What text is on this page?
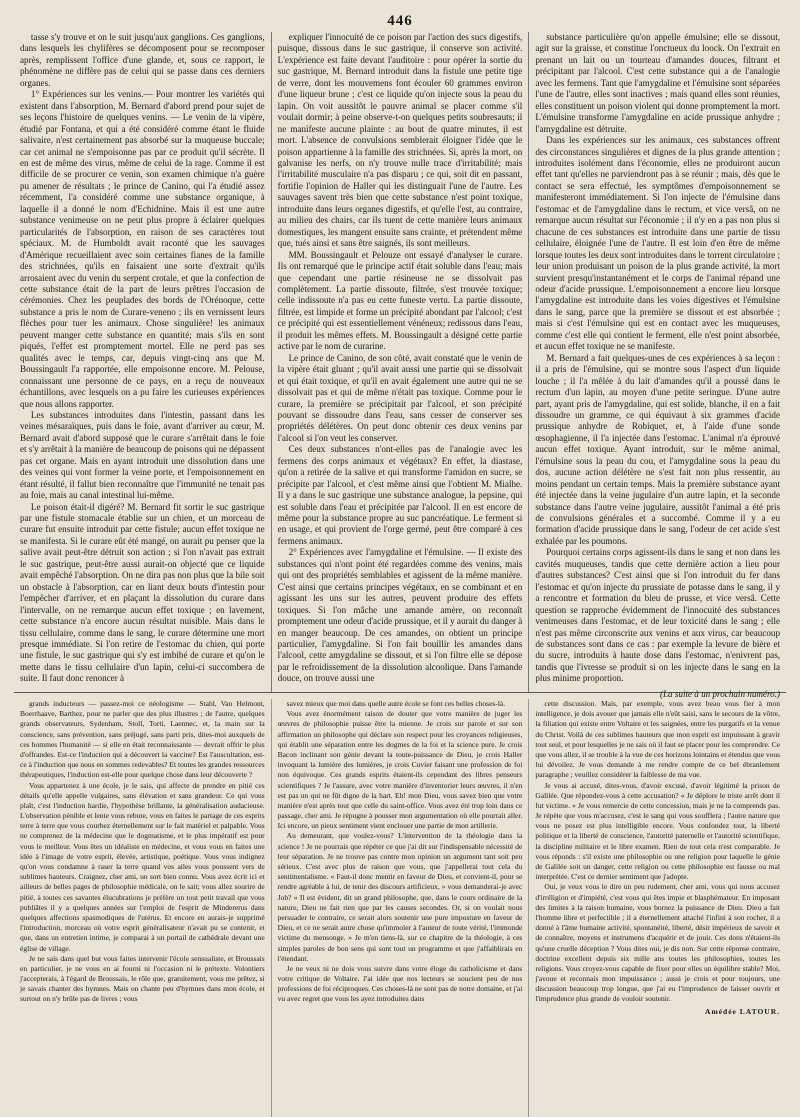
446

tasse s'y trouve et on le suit jusqu'aux ganglions. Ces ganglions, dans lesquels les chylifères se décomposent pour se recomposer après, remplissent l'office d'une glande, et, sous ce rapport, le phénomène ne diffère pas de celui qui se passe dans ces derniers organes.

1° Expériences sur les venins.— Pour montrer les variétés qui existent dans l'absorption, M. Bernard d'abord prend pour sujet de ses leçons l'histoire de quelques venins. — Le venin de la vipère, étudié par Fontana, et qui a été considéré comme étant le fluide salivaire, n'est certainement pas absorbé sur la muqueuse buccale; car cet animal ne s'empoisonne pas par ce produit qu'il sécrète. Il en est de même des virus, même de celui de la rage. Comme il est difficile de se procurer ce venin, son examen chimique n'a guère pu amener de résultats ; le prince de Canino, qui l'a étudié assez récemment, l'a considéré comme une substance organique, à laquelle il a donné le nom d'Echidnine. Mais il est une autre substance venimeuse on ne peut plus propre à éclairer quelques particularités de l'absorption, en raison de ses caractères tout spéciaux. M. de Humboldt avait raconté que les sauvages d'Amérique recueillaient avec soin certaines fianes de la famille des strichnées, qu'ils en faisaient une sorte d'extrait qu'ils arrosaient avec du venin du serpent crotale, et que la confection de cette substance était de la part de leurs prêtres l'occasion de cérémonies. Chez les peuplades des bords de l'Orénoque, cette substance a pris le nom de Curare-veneno ; ils en vernissent leurs flèches pour tuer les animaux. Chose singulière! les animaux peuvent manger cette substance en quantité; mais s'ils en sont piqués, l'effet est promptement mortel. Elle ne perd pas ses qualités avec le temps, car, depuis vingt-cinq ans que M. Boussingault l'a rapportée, elle empoisonne encore. M. Pelouse, connaissant une personne de ce pays, en a reçu de nouveaux échantillons, avec lesquels on a pu faire les curieuses expériences que nous allons rapporter.

Les substances introduites dans l'intestin, passant dans les veines mésaraïques, puis dans le foie, avant d'arriver au cœur, M. Bernard avait d'abord supposé que le curare s'arrêtait dans le foie et s'y arrêtait à la manière de beaucoup de poisons qui ne dépassent pas cet organe. Mais en ayant introduit une dissolution dans une des veines qui vont former la veine porte, et l'empoisonnement en étant résulté, il fallut bien reconnaître que l'immunité ne tenait pas au foie, mais au canal intestinal lui-même.

Le poison était-il digéré? M. Bernard fit sortir le suc gastrique par une fistule stomacale établie sur un chien, et un morceau de curare fut ensuite introduit par cette fistule; aucun effet toxique ne se manifesta. Si le curare eût été mangé, on aurait pu penser que la salive avait peut-être détruit son action ; si l'on n'avait pas extrait le suc gastrique, peut-être aussi aurait-on objecté que ce liquide avait empêché l'absorption. On ne dira pas non plus que la bile soit un obstacle à l'absorption, car en liant deux bouts d'intestin pour l'empêcher d'arriver, et en plaçant la dissolution du curare dans l'intervalle, on ne remarque aucun effet toxique ; en lavement, cette substance n'a encore aucun résultat nuisible. Mais dans le tissu cellulaire, comme dans le sang, le curare détermine une mort presque immédiate. Si l'on retire de l'estomac du chien, qui porte une fistule, le suc gastrique qui s'y est imbibé de curare et qu'on le mette dans le tissu cellulaire d'un lapin, celui-ci succombera de suite. Il faut donc renoncer à

expliquer l'innocuité de ce poison par l'action des sucs digestifs, puisque, dissous dans le suc gastrique, il conserve son activité. L'expérience est faite devant l'auditoire : pour opérer la sortie du suc gastrique, M. Bernard introduit dans la fistule une petite tige de verre, dont les mouvemens font écouler 60 grammes environ d'une liqueur brune ; c'est ce liquide qu'on injecte sous la peau du lapin. On voit aussitôt le pauvre animal se placer comme s'il voulait dormir; à peine observe-t-on quelques petits soubresauts; il ne manifeste aucune plainte : au bout de quatre minutes, il est mort. L'absence de convulsions semblerait éloigner l'idée que le poison appartienne à la famille des strichnées. Si, après la mort, on galvanise les nerfs, on n'y trouve nulle trace d'irritabilité; mais l'irritabilité musculaire n'a pas disparu ; ce qui, soit dit en passant, fortifie l'opinion de Haller qui les distinguait l'une de l'autre. Les sauvages savent très bien que cette substance n'est point toxique, introduite dans leurs organes digestifs, et qu'elle l'est, au contraire, au milieu des chairs, car ils tuent de cette manière leurs animaux domestiques, les mangent ensuite sans crainte, et prétendent même que, tués ainsi et sans être saignés, ils sont meilleurs.

MM. Boussingault et Pelouze ont essayé d'analyser le curare. Ils ont remarqué que le principe actif était soluble dans l'eau; mais que cependant une partie résineuse ne se dissolvait pas complètement. La partie dissoute, filtrée, s'est trouvée toxique; celle indissoute n'a pas eu cette funeste vertu. La partie dissoute, filtrée, est limpide et forme un précipité abondant par l'alcool; c'est ce précipité qui est essentiellement vénéneux; redissous dans l'eau, il produit les mêmes effets. M. Boussingault a désigné cette partie active par le nom de curarine.

Le prince de Canino, de son côté, avait constaté que le venin de la vipère était gluant ; qu'il avait aussi une partie qui se dissolvait et qui était toxique, et qu'il en avait également une autre qui ne se dissolvait pas et qui de même n'était pas toxique. Comme pour le curare, la première se précipitait par l'alcool, et son précipité pouvant se dissoudre dans l'eau, sans cesser de conserver ses propriétés délétères. On peut donc obtenir ces deux venins par l'alcool si l'on veut les conserver.

Ces deux substances n'ont-elles pas de l'analogie avec les fermens des corps animaux et végétaux? En effet, la diastase, qu'on a retirée de la salive et qui transforme l'amidon en sucre, se précipite par l'alcool, et c'est même ainsi que l'obtient M. Mialhe. Il y a dans le suc gastrique une substance analogue, la pepsine, qui est soluble dans l'eau et précipitée par l'alcool. Il en est encore de même pour la substance propre au suc pancréatique. Le ferment si en usage, et qui provient de l'orge germé, peut être comparé à ces fermens animaux.

2° Expériences avec l'amygdaline et l'émulsine. — Il existe des substances qui n'ont point été regardées comme des venins, mais qui ont des propriétés semblables et agissent de la même manière. C'est ainsi que certains principes végétaux, en se combinant et en agissant les uns sur les autres, peuvent produire des effets toxiques. Si l'on mâche une amande amère, on reconnaît promptement une odeur d'acide prussique, et il y aurait du danger à en manger beaucoup. De ces amandes, on obtient un principe particulier, l'amygdaline. Si l'on fait bouillir les amandes dans l'alcool, cette amygdaline se dissout, et si l'on filtre elle se dépose par le refroidissement de la dissolution alcoolique. Dans l'amande douce, on trouve aussi une

substance particulière qu'on appelle émulsine; elle se dissout, agit sur la graisse, et constitue l'onctueux du loock. On l'extrait en prenant un lait ou un tourteau d'amandes douces, filtrant et précipitant par l'alcool. C'est cette substance qui a de l'analogie avec les fermens. Tant que l'amygdaline et l'émulsine sont séparées l'une de l'autre, elles sont inactives ; mais quand elles sont réunies, elles constituent un poison violent qui donne promptement la mort. L'émulsine transforme l'amygdaline en acide prussique anhydre ; l'amygdaline est détruite.

Dans les expériences sur les animaux, ces substances offrent des circonstances singulières et dignes de la plus grande attention ; introduites isolément dans l'économie, elles ne produiront aucun effet tant qu'elles ne parviendront pas à se réunir ; mais, dès que le contact se sera effectué, les symptômes d'empoisonnement se manifesteront immédiatement. Si l'on injecte de l'émulsine dans l'estomac et de l'amygdaline dans le rectum, et vice versâ, on ne remarque aucun résultat sur l'économie ; il n'y en a pas non plus si chacune de ces substances est introduite dans une partie de tissu cellulaire, éloignée l'une de l'autre. Il est loin d'en être de même lorsque toutes les deux sont introduites dans le torrent circulatoire ; leur union produisant un poison de la plus grande activité, la mort survient presqu'instantanément et le corps de l'animal répand une odeur d'acide prussique. L'empoisonnement a encore lieu lorsque l'amygdaline est introduite dans les voies digestives et l'émulsine dans le sang, parce que la première se dissout et est absorbée ; mais si c'est l'émulsine qui est en contact avec les muqueuses, comme c'est elle qui contient le ferment, elle n'est point absorbée, et aucun effet toxique ne se manifeste.

M. Bernard a fait quelques-unes de ces expériences à sa leçon : il a pris de l'émulsine, qui se montre sous l'aspect d'un liquide louche ; il l'a mêlée à du lait d'amandes qu'il a poussé dans le rectum d'un lapin, au moyen d'une petite seringue. D'une autre part, ayant pris de l'amygdaline, qui est solide, blanche, il en a fait dissoudre un gramme, ce qui équivaut à six grammes d'acide prussique anhydre de Robiquet, et, à l'aide d'une sonde œsophagienne, il l'a injectée dans l'estomac. L'animal n'a éprouvé aucun effet toxique. Ayant introduit, sur le même animal, l'émulsine sous la peau du cou, et l'amygdaline sous la peau du dos, aucune action délétère ne s'est fait non plus ressentir, au moins pendant un certain temps. Mais la première substance ayant été injectée dans la veine jugulaire d'un autre lapin, et la seconde substance dans l'autre veine jugulaire, aussitôt l'animal a été pris de convulsions générales et a succombé. Comme il y a eu formation d'acide prussique dans le sang, l'odeur de cet acide s'est exhalée par les poumons.

Pourquoi certains corps agissent-ils dans le sang et non dans les cavités muqueuses, tandis que cette dernière action a lieu pour d'autres substances? C'est ainsi que si l'on introduit du fer dans l'estomac et qu'on injecte du prussiate de potasse dans le sang, il y a rencontre et formation du bleu de prusse, et vice versâ. Cette question se rapproche évidemment de l'innocuité des substances venimeuses dans l'estomac, et de leur toxicité dans le sang ; elle n'est pas même circonscrite aux venins et aux virus, car beaucoup de substances sont dans ce cas : par exemple la levure de bière et du sucre, introduits à haute dose dans l'estomac, n'enivrent pas, tandis que l'ivresse se produit si on les injecte dans le sang en la plus minime proportion.

(La suite à un prochain numéro.)

grands inducteurs — passez-moi ce néologisme — Stahl, Van Helmont, Boerrhaave, Barthez, pour ne parler que des plus illustres ; de l'autre, quelques grands observateurs, Sydenham, Stoll, Torti, Laennec, et, la main sur la conscience, sans prévention, sans préjugé, sans parti pris, dites-moi auxquels de ces hommes l'humanité — si elle en était reconnaissante — devrait offrir le plus d'offrandes. Est-ce l'induction qui a découvert la vaccine? Est l'auscultation, est-ce à l'induction que nous en sommes redevables? Et toutes les grandes ressources thérapeutiques, l'induction est-elle pour quelque chose dans leur découverte ?

Vous appartenez à une école, je le sais, qui affecte de prendre en pitié ces détails qu'elle appelle vulgaires, sans élévation et sans grandeur. Ce qui vous plaît, c'est l'induction hardie, l'hypothèse brillante, la généralisation audacieuse. L'observation pénible et lente vous rebute, vous en faites le partage de ces esprits terre à terre que vous courbez éternellement sur le fait matériel et palpable. Vous ne comprenez de la médecine que le dogmatisme, et le plus impératif est pour vous le meilleur. Vous êtes un idéaliste en médecine, et vous vous en faites une idée à l'image de votre esprit, élevée, artistique, poétique. Vous vous indignez qu'on vous condamne à raser la terre quand vos ailes vous poussent vers de sublimes hauteurs. Craignez, cher ami, un sort bien connu. Vous avez écrit ici et ailleurs de belles pages de philosophie médicale, on le sait; vous allez sourire de pitié, à toutes ces savantes élucubrations je préfère un tout petit travail que vous publiâtes il y a quelques années sur l'emploi de l'esprit de Mindererus dans quelques affections spasmodiques de l'utérus. Et encore en aurais-je supprimé l'introduction, morceau où votre esprit généralisateur n'avait pu se contenir, et que, dans un entretien intime, je comparai à un portail de cathédrale devant une église de village.

Je ne sais dans quel but vous faites intervenir l'école sensualiste, et Broussais en particulier, je ne vous en ai fourni ni l'occasion ni le prétexte. Volontiers j'accepterais, à l'égard de Broussais, le rôle que, gratuitement, vous me prêtez, si je savais chanter des hymnes. Mais on chante peu d'hymnes dans mon école, et surtout on n'y brûle pas de livres ; vous

savez mieux que moi dans quelle autre école se font ces belles choses-là.

Vous avez énormément raison de douter que votre manière de juger les œuvres de philosophie puisse être la mienne. Je crois sur parole et sur son affirmation un philosophe qui déclare son respect pour les croyances religieuses, qui établit une séparation entre les dogmes de la foi et la science pure. Je crois Bacon inclinant son génie devant la toute-puissance de Dieu, je crois Haller invoquant la lumière des lumières, je crois Cuvier faisant une profession de foi non équivoque. Ces grands esprits étaient-ils cependant des libres penseurs scientifiques ? Je l'assure, avec votre manière d'inventorier leurs œuvres, il n'en est pas un qui ne fût digne de la hart. Eh! mon Dieu, vous savez bien que votre manière n'est après tout que celle du saint-office. Vous avez été trop loin dans ce passage, cher ami. Je répugne à pousser mon argumentation où elle pourrait aller. Ici encore, un pieux sentiment vient enclouer une partie de mon artillerie.

Au demeurant, que voulez-vous? L'intervention de la théologie dans la science ! Je ne pourrais que répéter ce que j'ai dit sur l'indispensable nécessité de leur séparation. Je ne trouve pas contre mon opinion un argument tant soit peu sérieux. C'est avec plus de raison que vous, que j'appellerai tout cela du sentimentalisme. « Faut-il donc mentir en faveur de Dieu, et convient-il, pour se rendre agréable à lui, de tenir des discours artificieux, » vous demanderai-je avec Job? « Il est évident, dit un grand philosophe, que, dans le cours ordinaire de la nature, Dieu ne fait rien que par les causes secondes. Or, si on voulait nous persuader le contraire, ce serait alors soutenir une pure imposture en faveur de Dieu, et ce ne serait autre chose qu'immoler à l'auteur de toute vérité, l'immonde victime du mensonge. » Je m'en tiens-là, sur ce chapitre de la théologie, à ces simples paroles de bon sens qui sont tout un programme et que j'affaiblirais en l'étendant.

Je ne veux ni ne dois vous suivre dans votre éloge du catholicisme et dans votre critique de Voltaire. J'ai idée que nos lecteurs se soucient peu de nos professions de foi réciproques. Ces choses-là ne sont pas de notre domaine, et j'ai vu avec regret que vous les ayez introduites dans

cette discussion. Mais, par exemple, vous avez beau vous fier à mon intelligence, je dois avouer que jamais elle n'eût saisi, sans le secours de la vôtre, la filiation qui existe entre Voltaire et les saignées, entre les purgatifs et la venue du Christ. Voilà de ces sublimes hauteurs que mon esprit est impuissant à gravir tout seul, et pour lesquelles je ne sais où il faut se placer pour les comprendre. Ce que vous allez, il se trouble à la vue de ces horizons lointains et étendus que vous lui dévoilez. Je vous demande à me rendre compte de ce bel ébranlement paragraphe ; veuillez considérer la faiblesse de ma vue.

Je vous ai accusé, dites-vous, d'avoir excusé, d'avoir légitimé la prison de Galilée. Que répondez-vous à cette accusation? « Je déplore le triste arrêt dont il fut victime. » Je vous remercie de cette concession, mais je ne la comprends pas. Je répète que vous m'accusez, c'est le sang qui vous soufflera ; l'autre nature que vous ne posez est plus intelligible encore. Vous confondez tout, la liberté politique et la liberté de conscience, l'autorité paternelle et l'autorité scientifique, la discipline militaire et le libre examen. Rien de tout cela n'est comparable. Je vous réponds : s'il existe une philosophie ou une religion pour laquelle le génie de Galilée soit un danger, cette religion ou cette philosophie est fausse ou mal interprétée. C'est ce dernier sentiment que j'adopte.

Oui, je veux vous le dire un peu rudement, cher ami, vous qui nous accusez d'irréligion et d'impiété, c'est vous qui êtes impie et blasphémateur. En imposant des limites à la raison humaine, vous bornez la puissance de Dieu. Dieu a fait l'homme libre et perfectible ; il a éternellement attaché l'infini à son rocher, il a donné à l'âme humaine activité, spontanéité, liberté, désir impérieux de savoir et de connaître, moyens et instrumens d'acquérir et de jouir. Ces dons n'étaient-ils qu'une cruelle déception ? Vous dites oui, je dis non. Sur cette réponse contraire, doctrine excellent depuis six mille ans toutes les philosophies, toutes les religions. Vous croyez-vous capable de fixer pour elles un équilibre stable? Moi, j'avoue et reconnais mon impuissance ; aussi je crois et pour toujours, une discussion beaucoup trop longue, que j'ai eu l'imprudence de laisser ouvrir et l'imprudence plus grande de vouloir soutenir.

Amédée LATOUR.
